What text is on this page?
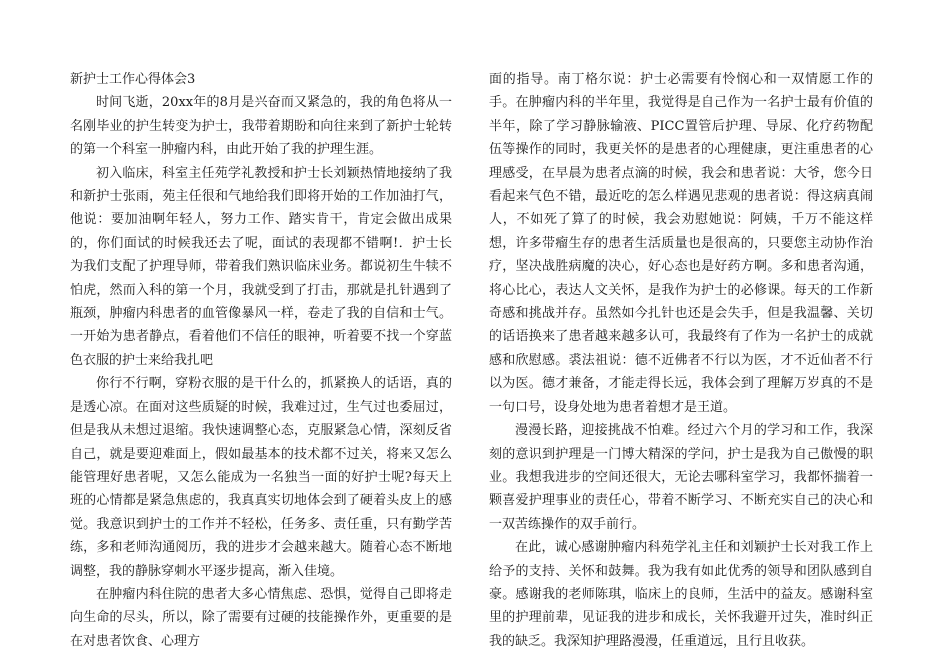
新护士工作心得体会3

时间飞逝，20xx年的8月是兴奋而又紧急的，我的角色将从一名刚毕业的护生转变为护士，我带着期盼和向往来到了新护士轮转的第一个科室一肿瘤内科，由此开始了我的护理生涯。

初入临床，科室主任苑学礼教授和护士长刘颖热情地接纳了我和新护士张雨，苑主任很和气地给我们即将开始的工作加油打气，他说：要加油啊年轻人，努力工作、踏实肯干，肯定会做出成果的，你们面试的时候我还去了呢，面试的表现都不错啊!．护士长为我们支配了护理导师，带着我们熟识临床业务。都说初生牛犊不怕虎，然而入科的第一个月，我就受到了打击，那就是扎针遇到了瓶颈，肿瘤内科患者的血管像暴风一样，卷走了我的自信和士气。一开始为患者静点，看着他们不信任的眼神，听着要不找一个穿蓝色衣服的护士来给我扎吧

你行不行啊，穿粉衣服的是干什么的，抓紧换人的话语，真的是透心凉。在面对这些质疑的时候，我难过过，生气过也委屈过，但是我从未想过退缩。我快速调整心态，克服紧急心情，深刻反省自己，就是要迎难面上，假如最基本的技术都不过关，将来又怎么能管理好患者呢，又怎么能成为一名独当一面的好护士呢?每天上班的心情都是紧急焦虑的，我真真实切地体会到了硬着头皮上的感觉。我意识到护士的工作并不轻松，任务多、责任重，只有勤学苦练，多和老师沟通阅历，我的进步才会越来越大。随着心态不断地调整，我的静脉穿刺水平逐步提高，渐入佳境。

在肿瘤内科住院的患者大多心情焦虑、恐惧，觉得自己即将走向生命的尽头，所以，除了需要有过硬的技能操作外，更重要的是在对患者饮食、心理方

面的指导。南丁格尔说：护士必需要有怜悯心和一双情愿工作的手。在肿瘤内科的半年里，我觉得是自己作为一名护士最有价值的半年，除了学习静脉输液、PICC置管后护理、导尿、化疗药物配伍等操作的同时，我更关怀的是患者的心理健康，更注重患者的心理感受，在早晨为患者点滴的时候，我会和患者说：大爷，您今日看起来气色不错，最近吃的怎么样遇见悲观的患者说：得这病真闹人，不如死了算了的时候，我会劝慰她说：阿姨，千万不能这样想，许多带瘤生存的患者生活质量也是很高的，只要您主动协作治疗，坚决战胜病魔的决心，好心态也是好药方啊。多和患者沟通，将心比心，表达人文关怀，是我作为护士的必修课。每天的工作新奇感和挑战并存。虽然如今扎针也还是会失手，但是我温馨、关切的话语换来了患者越来越多认可，我最终有了作为一名护士的成就感和欣慰感。裘法祖说：德不近佛者不行以为医，才不近仙者不行以为医。德才兼备，才能走得长远，我体会到了理解万岁真的不是一句口号，设身处地为患者着想才是王道。

漫漫长路，迎接挑战不怕难。经过六个月的学习和工作，我深刻的意识到护理是一门博大精深的学问，护士是我为自己傲慢的职业。我想我进步的空间还很大，无论去哪科室学习，我都怀揣着一颗喜爱护理事业的责任心，带着不断学习、不断充实自己的决心和一双苦练操作的双手前行。

在此，诚心感谢肿瘤内科苑学礼主任和刘颖护士长对我工作上给予的支持、关怀和鼓舞。我为我有如此优秀的领导和团队感到自豪。感谢我的老师陈琪，临床上的良师，生活中的益友。感谢科室里的护理前辈，见证我的进步和成长，关怀我避开过失，准时纠正我的缺乏。我深知护理路漫漫，任重道远，且行且收获。
